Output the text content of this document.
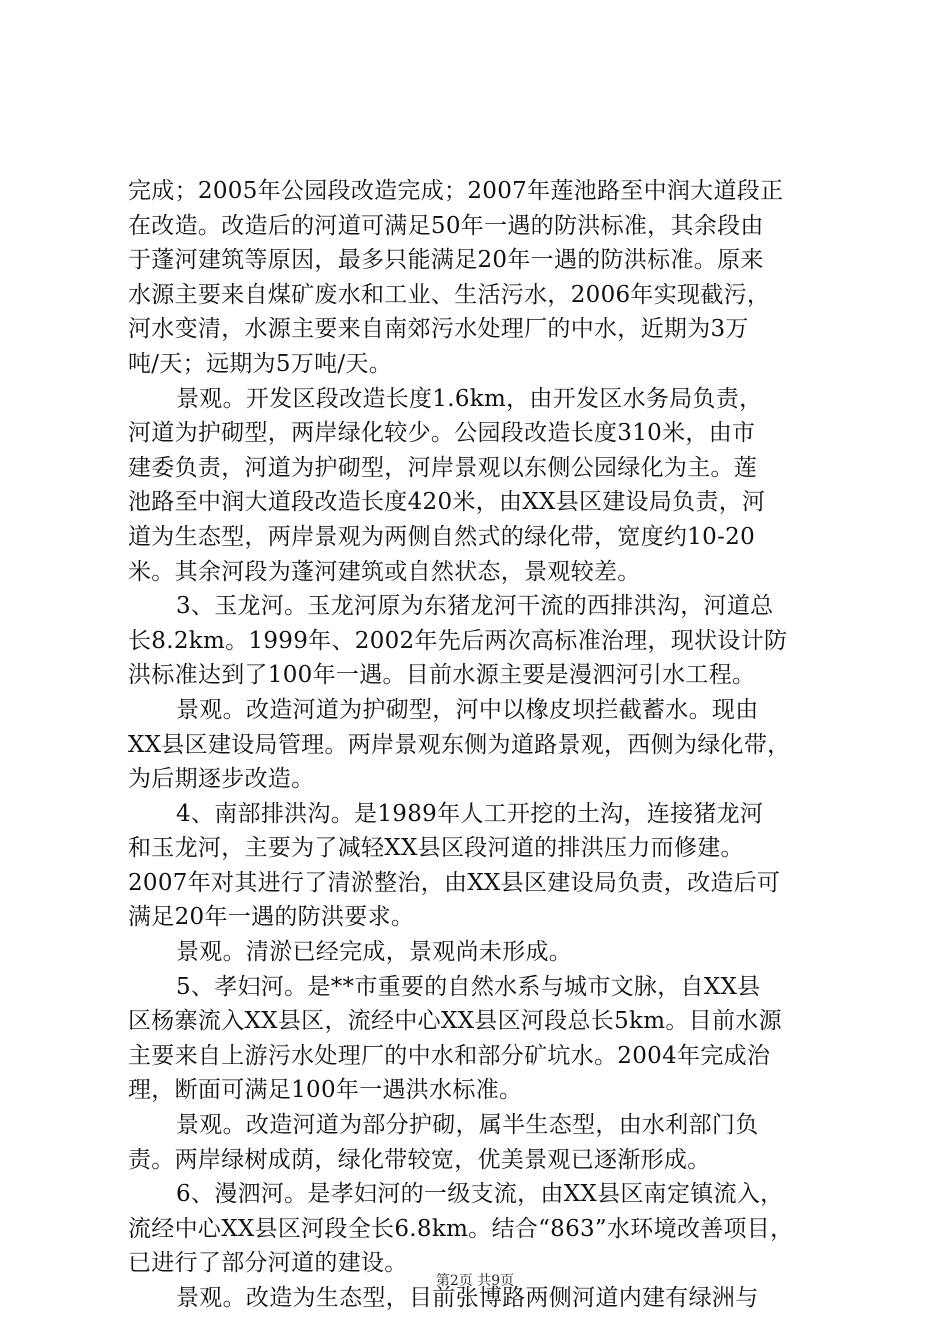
完成；2005年公园段改造完成；2007年莲池路至中润大道段正
在改造。改造后的河道可满足50年一遇的防洪标准，其余段由
于蓬河建筑等原因，最多只能满足20年一遇的防洪标准。原来
水源主要来自煤矿废水和工业、生活污水，2006年实现截污，
河水变清，水源主要来自南郊污水处理厂的中水，近期为3万
吨/天；远期为5万吨/天。
景观。开发区段改造长度1.6km，由开发区水务局负责，
河道为护砌型，两岸绿化较少。公园段改造长度310米，由市
建委负责，河道为护砌型，河岸景观以东侧公园绿化为主。莲
池路至中润大道段改造长度420米，由XX县区建设局负责，河
道为生态型，两岸景观为两侧自然式的绿化带，宽度约10-20
米。其余河段为蓬河建筑或自然状态，景观较差。
3、玉龙河。玉龙河原为东猪龙河干流的西排洪沟，河道总
长8.2km。1999年、2002年先后两次高标准治理，现状设计防
洪标准达到了100年一遇。目前水源主要是漫泗河引水工程。
景观。改造河道为护砌型，河中以橡皮坝拦截蓄水。现由
XX县区建设局管理。两岸景观东侧为道路景观，西侧为绿化带，
为后期逐步改造。
4、南部排洪沟。是1989年人工开挖的土沟，连接猪龙河
和玉龙河，主要为了减轻XX县区段河道的排洪压力而修建。
2007年对其进行了清淤整治，由XX县区建设局负责，改造后可
满足20年一遇的防洪要求。
景观。清淤已经完成，景观尚未形成。
5、孝妇河。是**市重要的自然水系与城市文脉，自XX县
区杨寨流入XX县区，流经中心XX县区河段总长5km。目前水源
主要来自上游污水处理厂的中水和部分矿坑水。2004年完成治
理，断面可满足100年一遇洪水标准。
景观。改造河道为部分护砌，属半生态型，由水利部门负
责。两岸绿树成荫，绿化带较宽，优美景观已逐渐形成。
6、漫泗河。是孝妇河的一级支流，由XX县区南定镇流入，
流经中心XX县区河段全长6.8km。结合“863”水环境改善项目，
已进行了部分河道的建设。
景观。改造为生态型，目前张博路两侧河道内建有绿洲与
第2页 共9页
